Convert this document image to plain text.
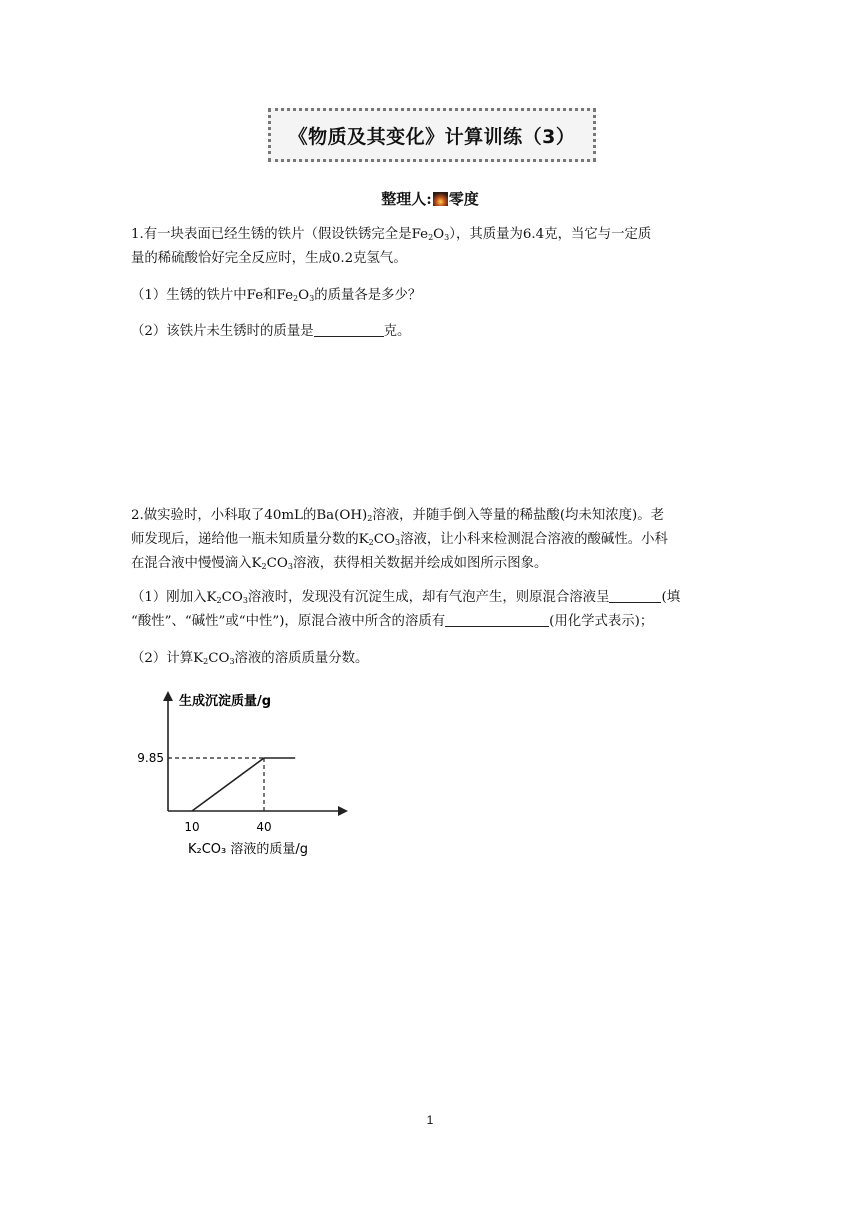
《物质及其变化》计算训练（3）
整理人: 零度
1.有一块表面已经生锈的铁片（假设铁锈完全是$Fe_2O_3$），其质量为6.4克，当它与一定质
量的稀硫酸恰好完全反应时，生成0.2克氢气。
（1）生锈的铁片中Fe和$Fe_2O_3$的质量各是多少？
（2）该铁片未生锈时的质量是	克。
2.做实验时，小科取了40mL的$Ba(OH)_2$溶液，并随手倒入等量的稀盐酸(均未知浓度)。老
师发现后，递给他一瓶未知质量分数的$K_2CO_3$溶液，让小科来检测混合溶液的酸碱性。小科
在混合液中慢慢滴入$K_2CO_3$溶液，获得相关数据并绘成如图所示图象。
（1）刚加入$K_2CO_3$溶液时，发现没有沉淀生成，却有气泡产生，则原混合溶液呈	(填
“酸性”、“碱性”或“中性”)，原混合液中所含的溶质有	(用化学式表示)；
（2）计算$K_2CO_3$溶液的溶质质量分数。
生成沉淀质量/g
K₂CO₃ 溶液的质量/g
10	40
9.85
1
